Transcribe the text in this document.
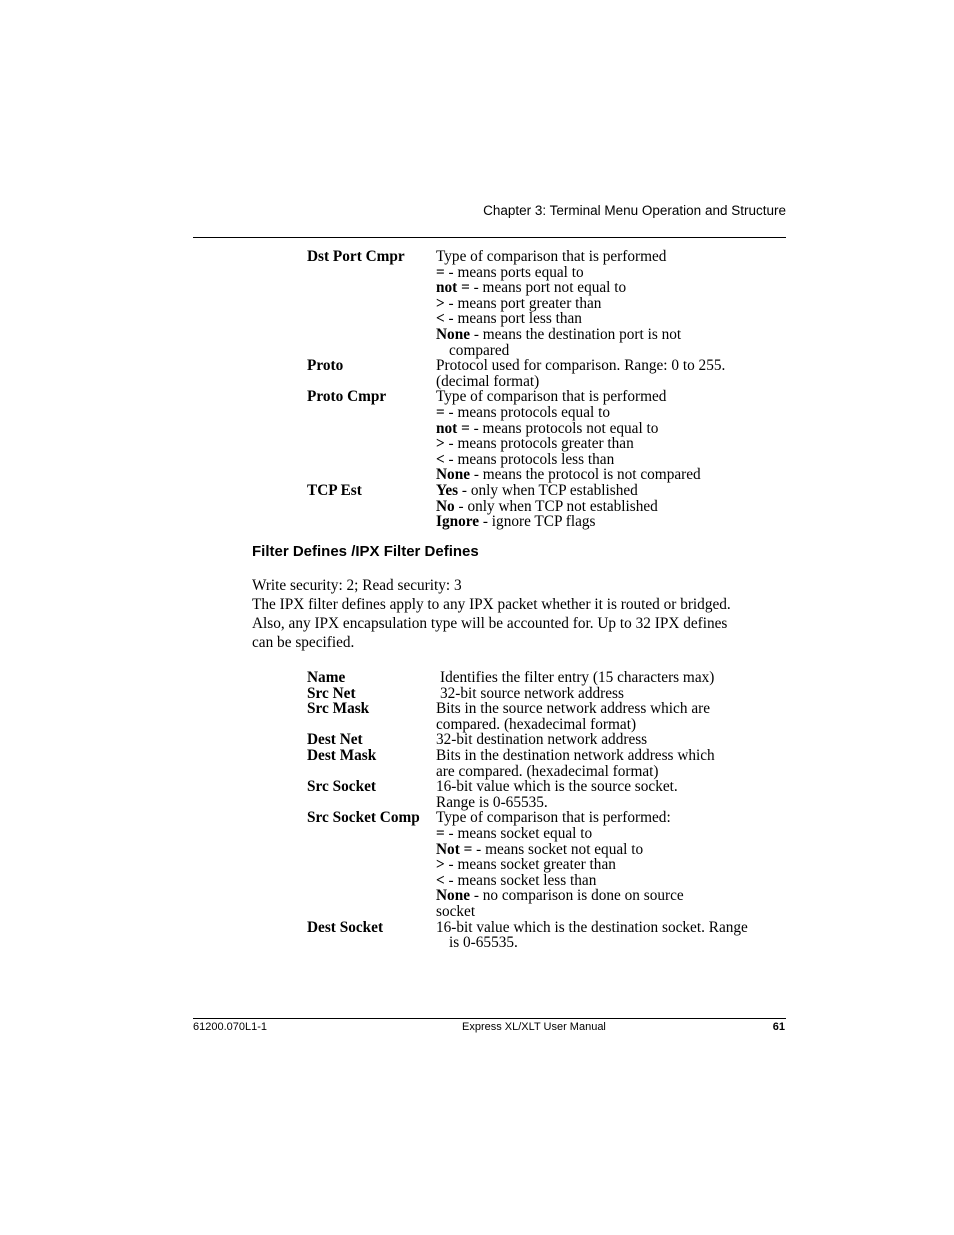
Chapter 3: Terminal Menu Operation and Structure
Dst Port Cmpr	Type of comparison that is performed
= - means ports equal to
not = - means port not equal to
> - means port greater than
< - means port less than
None - means the destination port is not
compared
Proto	Protocol used for comparison. Range: 0 to 255.
(decimal format)
Proto Cmpr	Type of comparison that is performed
= - means protocols equal to
not = - means protocols not equal to
> - means protocols greater than
< - means protocols less than
None - means the protocol is not compared
TCP Est	Yes - only when TCP established
No - only when TCP not established
Ignore - ignore TCP flags
Filter Defines /IPX Filter Defines
Write security: 2; Read security: 3
The IPX filter defines apply to any IPX packet whether it is routed or bridged.
Also, any IPX encapsulation type will be accounted for. Up to 32 IPX defines
can be specified.
Name	Identifies the filter entry (15 characters max)
Src Net	32-bit source network address
Src Mask	Bits in the source network address which are
compared. (hexadecimal format)
Dest Net	32-bit destination network address
Dest Mask	Bits in the destination network address which
are compared. (hexadecimal format)
Src Socket	16-bit value which is the source socket.
Range is 0-65535.
Src Socket Comp	Type of comparison that is performed:
= - means socket equal to
Not = - means socket not equal to
> - means socket greater than
< - means socket less than
None - no comparison is done on source
socket
Dest Socket	16-bit value which is the destination socket. Range
is 0-65535.
61200.070L1-1	Express XL/XLT User Manual	61
